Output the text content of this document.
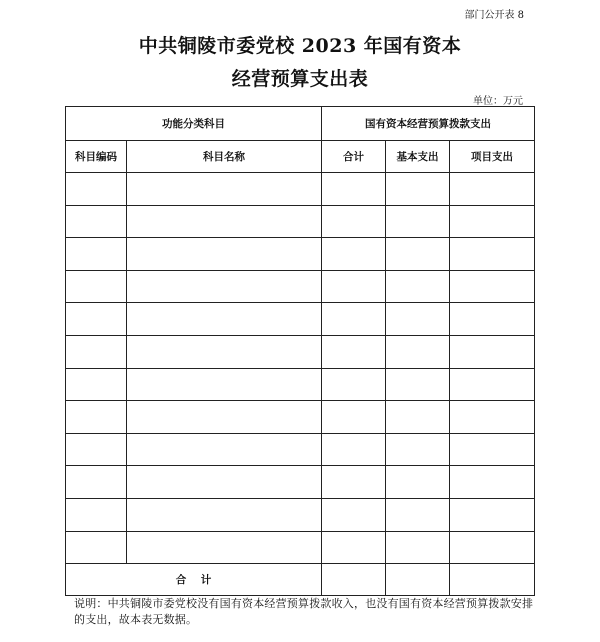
部门公开表 8
中共铜陵市委党校 2023 年国有资本
经营预算支出表
单位：万元
功能分类科目		国有资本经营预算拨款支出		
科目编码	科目名称	合计	基本支出	项目支出

合    计				
说明：中共铜陵市委党校没有国有资本经营预算拨款收入，也没有国有资本经营预算拨款安排的支出，故本表无数据。
